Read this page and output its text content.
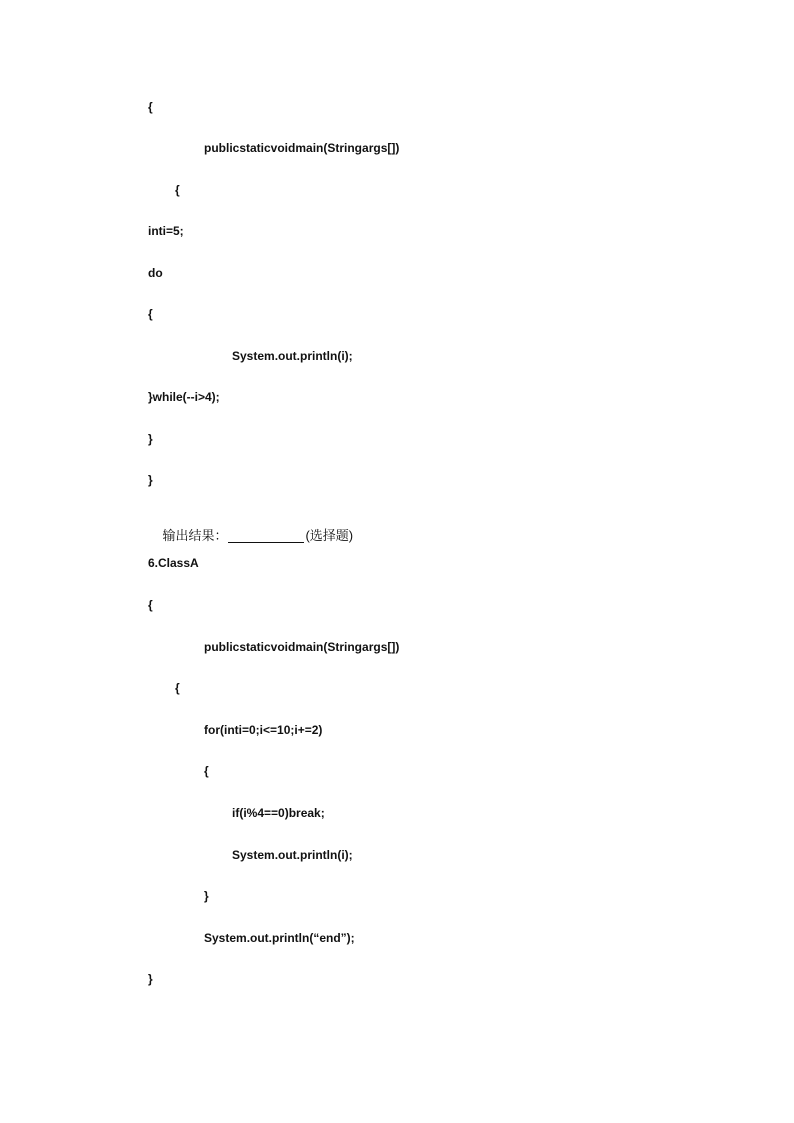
{
publicstaticvoidmain(Stringargs[])
{
inti=5;
do
{
System.out.println(i);
}while(--i>4);
}
}

输出结果：	(选择题)

6.ClassA
{
publicstaticvoidmain(Stringargs[])
{
for(inti=0;i<=10;i+=2)
{
if(i%4==0)break;
System.out.println(i);
}
System.out.println(“end”);
}
